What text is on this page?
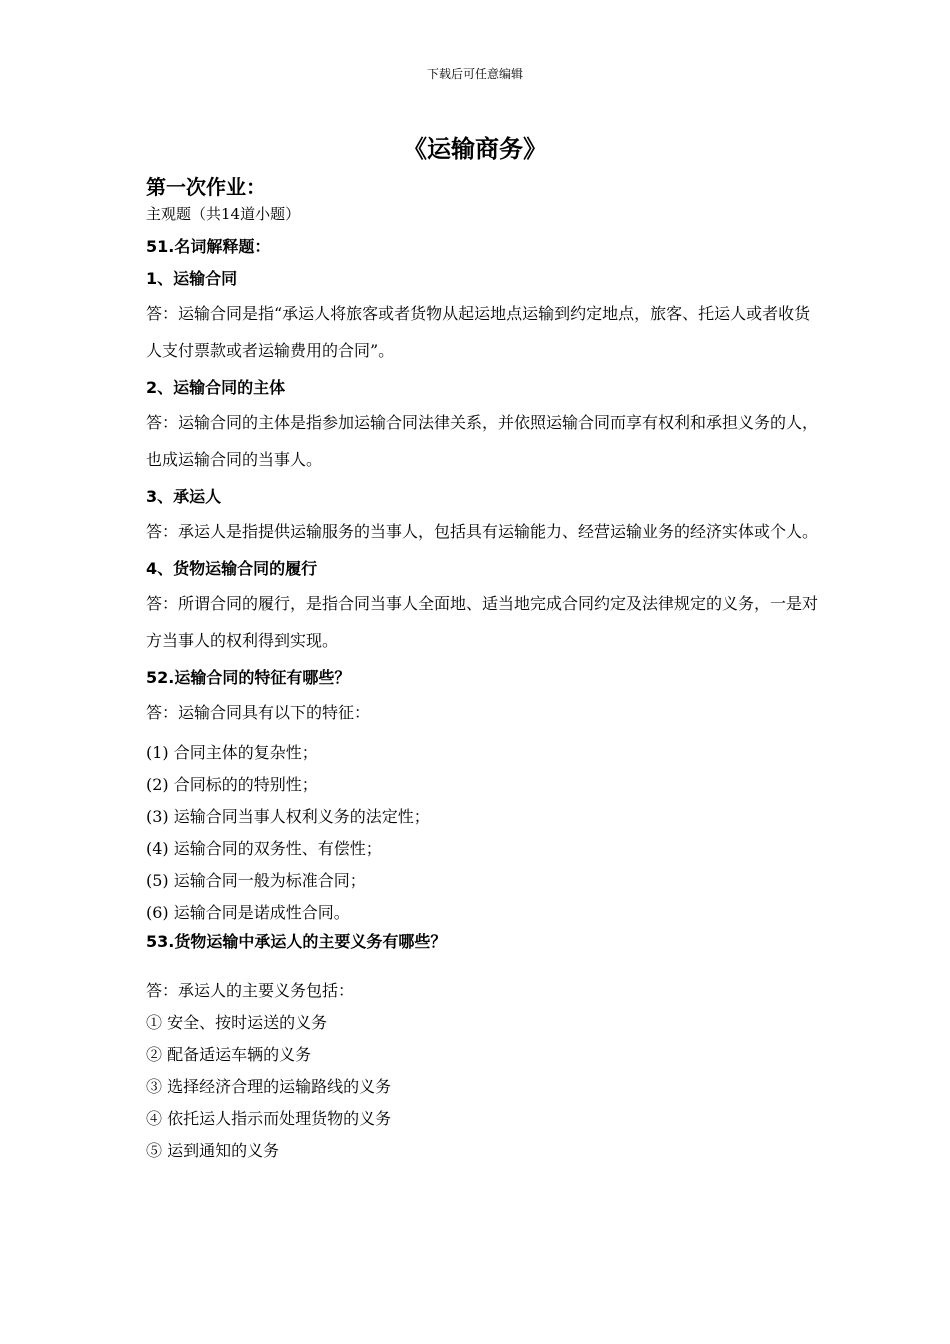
下载后可任意编辑
《运输商务》
第一次作业：
主观题（共14道小题）
51.名词解释题：
1、运输合同
答：运输合同是指“承运人将旅客或者货物从起运地点运输到约定地点，旅客、托运人或者收货人支付票款或者运输费用的合同”。
2、运输合同的主体
答：运输合同的主体是指参加运输合同法律关系，并依照运输合同而享有权利和承担义务的人，也成运输合同的当事人。
3、承运人
答：承运人是指提供运输服务的当事人，包括具有运输能力、经营运输业务的经济实体或个人。
4、货物运输合同的履行
答：所谓合同的履行，是指合同当事人全面地、适当地完成合同约定及法律规定的义务，一是对方当事人的权利得到实现。
52.运输合同的特征有哪些？
答：运输合同具有以下的特征：
(1) 合同主体的复杂性；
(2) 合同标的的特别性；
(3) 运输合同当事人权利义务的法定性；
(4) 运输合同的双务性、有偿性；
(5) 运输合同一般为标准合同；
(6) 运输合同是诺成性合同。
53.货物运输中承运人的主要义务有哪些？
答：承运人的主要义务包括：
① 安全、按时运送的义务
② 配备适运车辆的义务
③ 选择经济合理的运输路线的义务
④ 依托运人指示而处理货物的义务
⑤ 运到通知的义务
